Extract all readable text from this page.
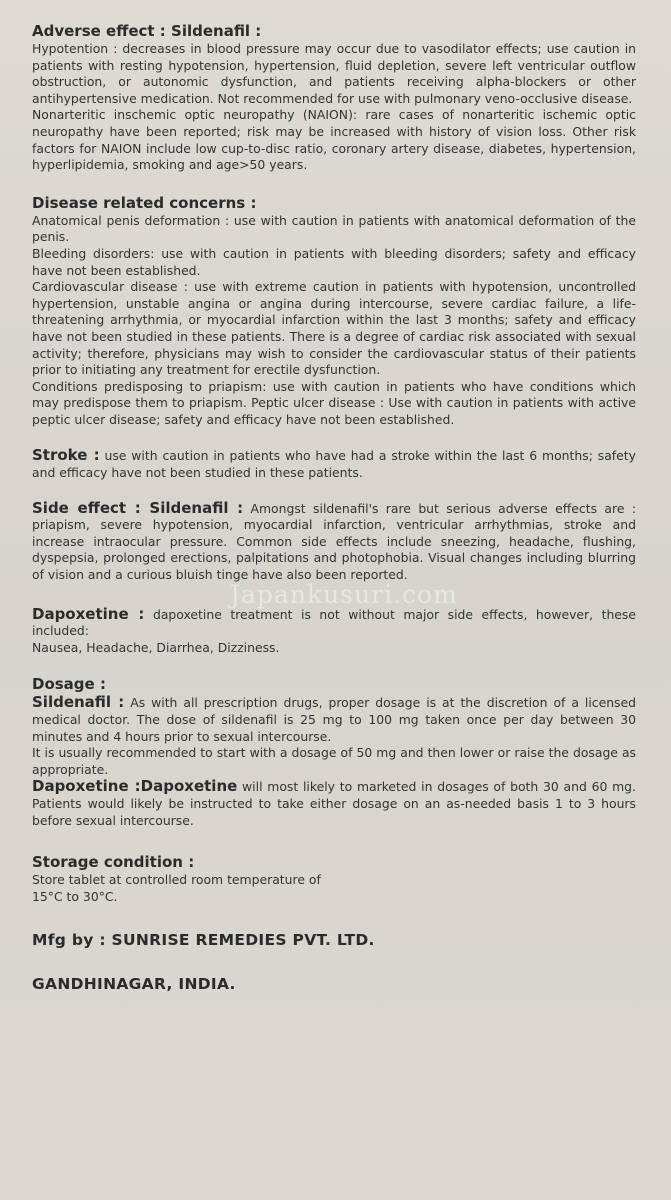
Japankusuri.com
Adverse effect : Sildenafil :

Hypotention : decreases in blood pressure may occur due to vasodilator effects; use caution in patients with resting hypotension, hypertension, fluid depletion, severe left ventricular outflow obstruction, or autonomic dysfunction, and patients receiving alpha-blockers or other antihypertensive medication. Not recommended for use with pulmonary veno-occlusive disease.

Nonarteritic inschemic optic neuropathy (NAION): rare cases of nonarteritic ischemic optic neuropathy have been reported; risk may be increased with history of vision loss. Other risk factors for NAION include low cup-to-disc ratio, coronary artery disease, diabetes, hypertension, hyperlipidemia, smoking and age>50 years.

Disease related concerns :

Anatomical penis deformation : use with caution in patients with anatomical deformation of the penis.

Bleeding disorders: use with caution in patients with bleeding disorders; safety and efficacy have not been established.

Cardiovascular disease : use with extreme caution in patients with hypotension, uncontrolled hypertension, unstable angina or angina during intercourse, severe cardiac failure, a life-threatening arrhythmia, or myocardial infarction within the last 3 months; safety and efficacy have not been studied in these patients. There is a degree of cardiac risk associated with sexual activity; therefore, physicians may wish to consider the cardiovascular status of their patients prior to initiating any treatment for erectile dysfunction.

Conditions predisposing to priapism: use with caution in patients who have conditions which may predispose them to priapism. Peptic ulcer disease : Use with caution in patients with active peptic ulcer disease; safety and efficacy have not been established.

Stroke : use with caution in patients who have had a stroke within the last 6 months; safety and efficacy have not been studied in these patients.

Side effect : Sildenafil : Amongst sildenafil's rare but serious adverse effects are : priapism, severe hypotension, myocardial infarction, ventricular arrhythmias, stroke and increase intraocular pressure. Common side effects include sneezing, headache, flushing, dyspepsia, prolonged erections, palpitations and photophobia. Visual changes including blurring of vision and a curious bluish tinge have also been reported.

Dapoxetine : dapoxetine treatment is not without major side effects, however, these included:

Nausea, Headache, Diarrhea, Dizziness.

Dosage :

Sildenafil : As with all prescription drugs, proper dosage is at the discretion of a licensed medical doctor. The dose of sildenafil is 25 mg to 100 mg taken once per day between 30 minutes and 4 hours prior to sexual intercourse.

It is usually recommended to start with a dosage of 50 mg and then lower or raise the dosage as appropriate.

Dapoxetine :Dapoxetine will most likely to marketed in dosages of both 30 and 60 mg. Patients would likely be instructed to take either dosage on an as-needed basis 1 to 3 hours before sexual intercourse.

Storage condition :

Store tablet at controlled room temperature of

15°C to 30°C.

Mfg by : SUNRISE REMEDIES PVT. LTD.
GANDHINAGAR, INDIA.
